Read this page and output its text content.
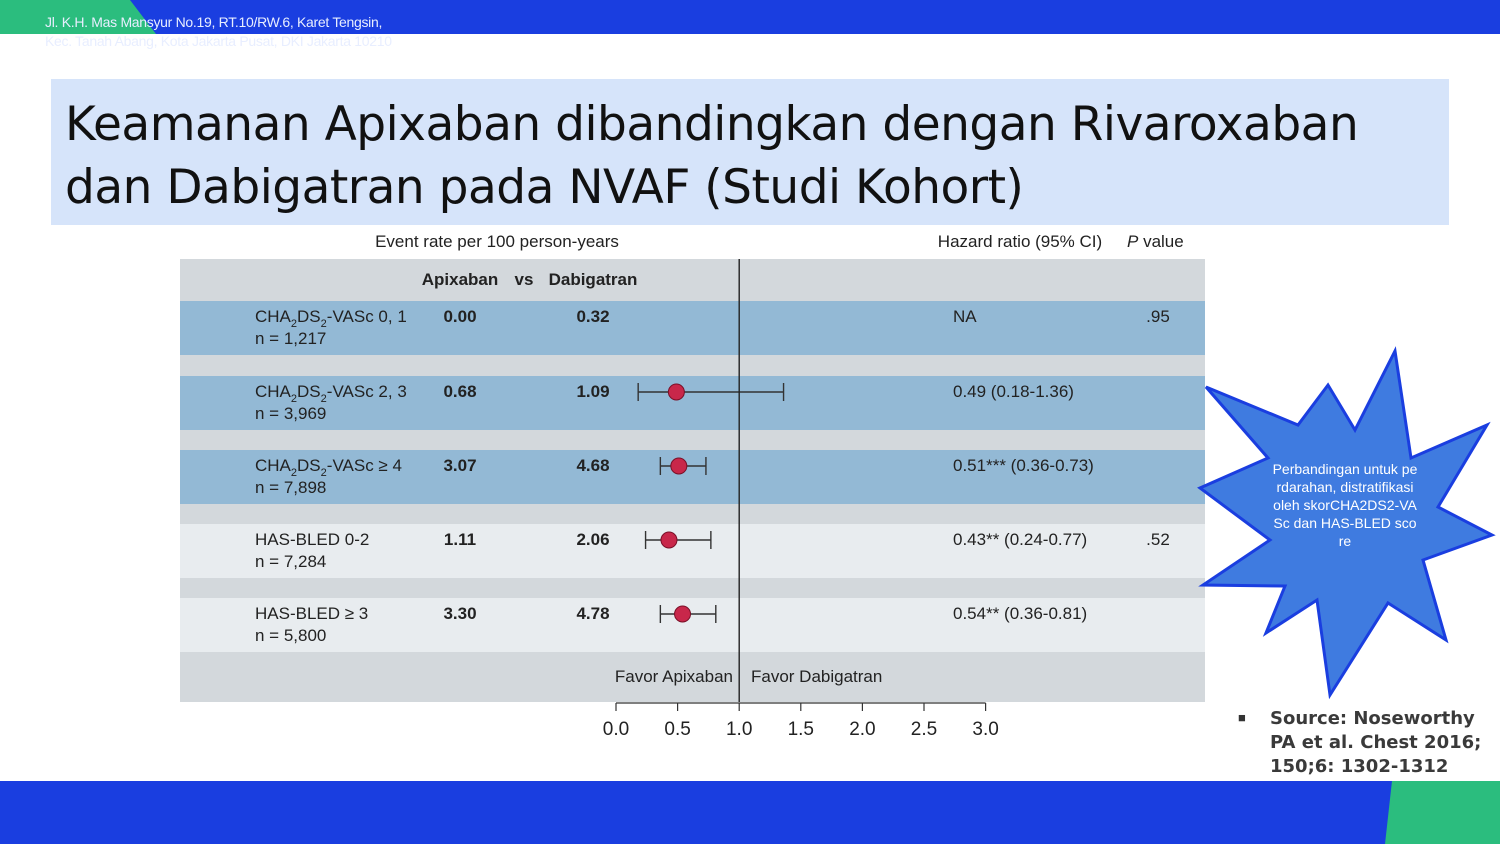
Keamanan Apixaban dibandingkan dengan Rivaroxaban dan Dabigatran pada NVAF (Studi Kohort)
Event rate per 100 person-years	Hazard ratio (95% CI) P value
Apixaban vs Dabigatran
$CHA_2DS_2$-VASc 0, 1
n = 1,217
0.00	0.32	NA	.95
$CHA_2DS_2$-VASc 2, 3
n = 3,969
0.68	1.09	0.49 (0.18-1.36)
$CHA_2DS_2$-VASc ≥ 4
n = 7,898
3.07	4.68	0.51*** (0.36-0.73)
HAS-BLED 0-2
n = 7,284
1.11	2.06	0.43** (0.24-0.77)	.52
HAS-BLED ≥ 3
n = 5,800
3.30	4.78	0.54** (0.36-0.81)
Favor Apixaban Favor Dabigatran
0.0 0.5 1.0 1.5 2.0 2.5 3.0
Perbandingan untuk perdarahan, distratifikasi oleh skorCHA2DS2-VASc dan HAS-BLED score
■ Source: Noseworthy PA et al. Chest 2016; 150;6: 1302-1312
Jl. K.H. Mas Mansyur No.19, RT.10/RW.6, Karet Tengsin,
Kec. Tanah Abang, Kota Jakarta Pusat, DKI Jakarta 10210 Telp: (021) 572 1045
